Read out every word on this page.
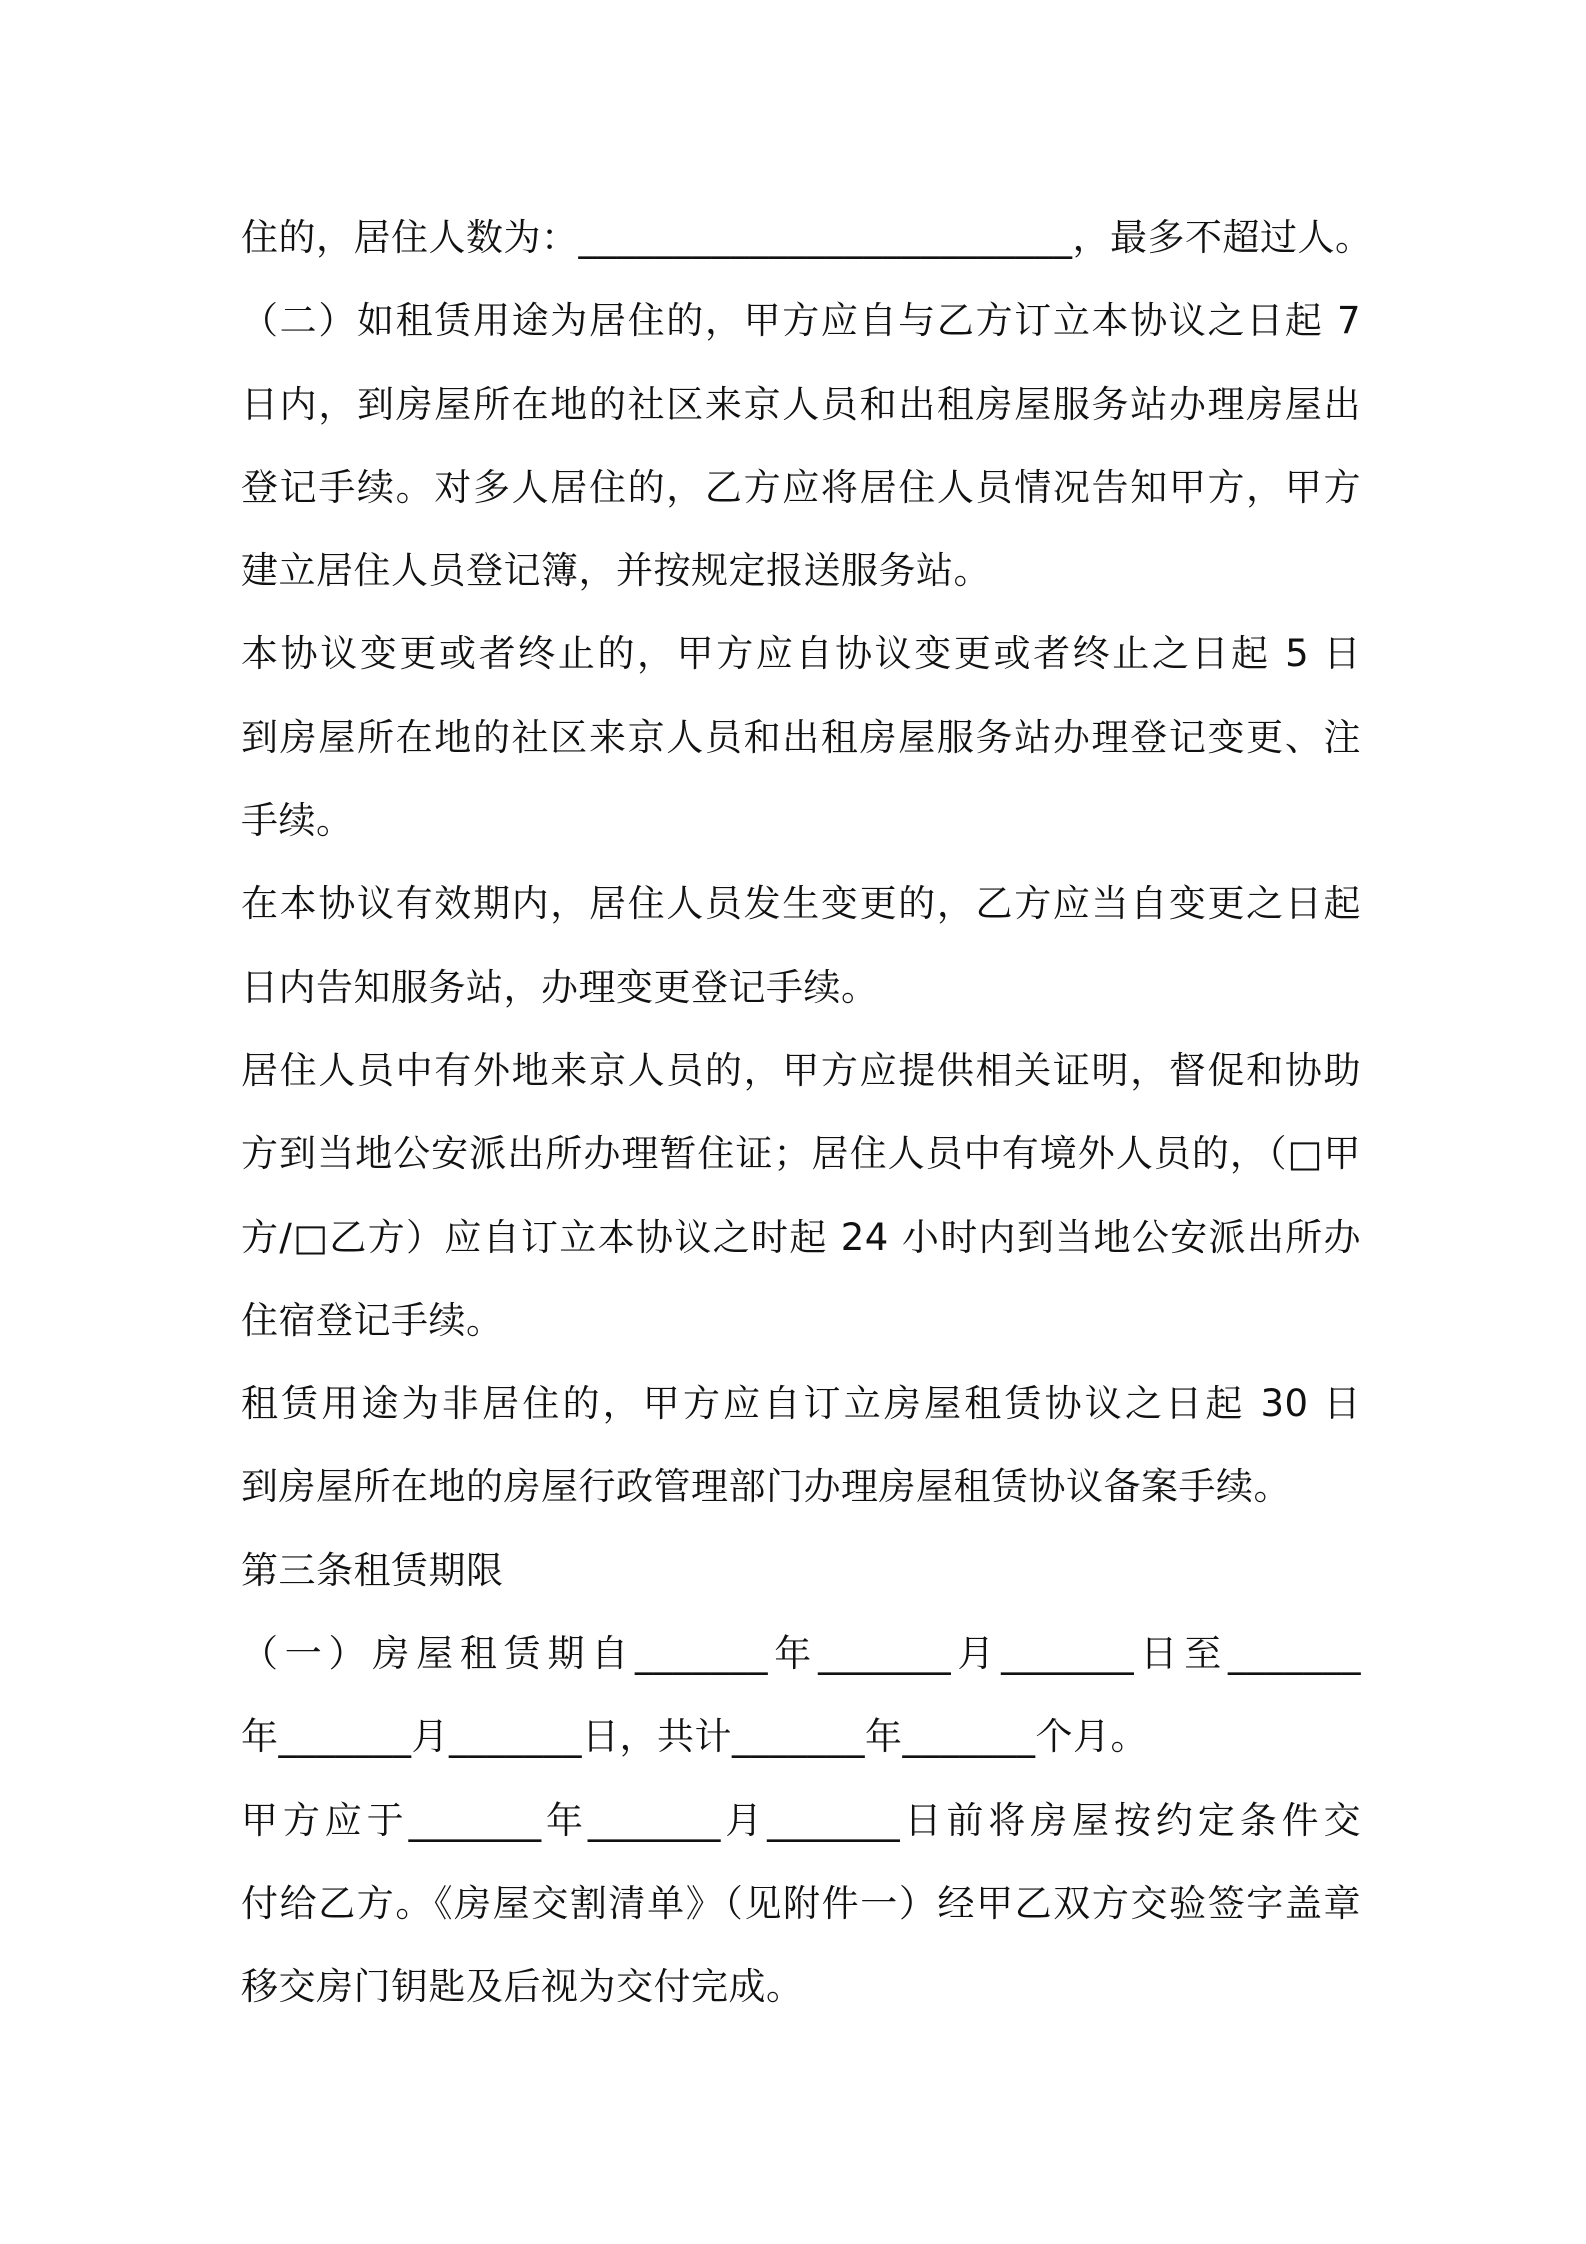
住的，居住人数为：__________________________，最多不超过人。
（二）如租赁用途为居住的，甲方应自与乙方订立本协议之日起 7
日内，到房屋所在地的社区来京人员和出租房屋服务站办理房屋出
登记手续。对多人居住的，乙方应将居住人员情况告知甲方，甲方
建立居住人员登记簿，并按规定报送服务站。
本协议变更或者终止的，甲方应自协议变更或者终止之日起 5 日
到房屋所在地的社区来京人员和出租房屋服务站办理登记变更、注
手续。
在本协议有效期内，居住人员发生变更的，乙方应当自变更之日起
日内告知服务站，办理变更登记手续。
居住人员中有外地来京人员的，甲方应提供相关证明，督促和协助
方到当地公安派出所办理暂住证；居住人员中有境外人员的，（□甲
方/□乙方）应自订立本协议之时起 24 小时内到当地公安派出所办
住宿登记手续。
租赁用途为非居住的，甲方应自订立房屋租赁协议之日起 30 日
到房屋所在地的房屋行政管理部门办理房屋租赁协议备案手续。
第三条租赁期限
（一）房屋租赁期自_______年_______月_______日至_______
年_______月_______日，共计_______年_______个月。
甲方应于_______年_______月_______日前将房屋按约定条件交
付给乙方。《房屋交割清单》（见附件一）经甲乙双方交验签字盖章
移交房门钥匙及后视为交付完成。
